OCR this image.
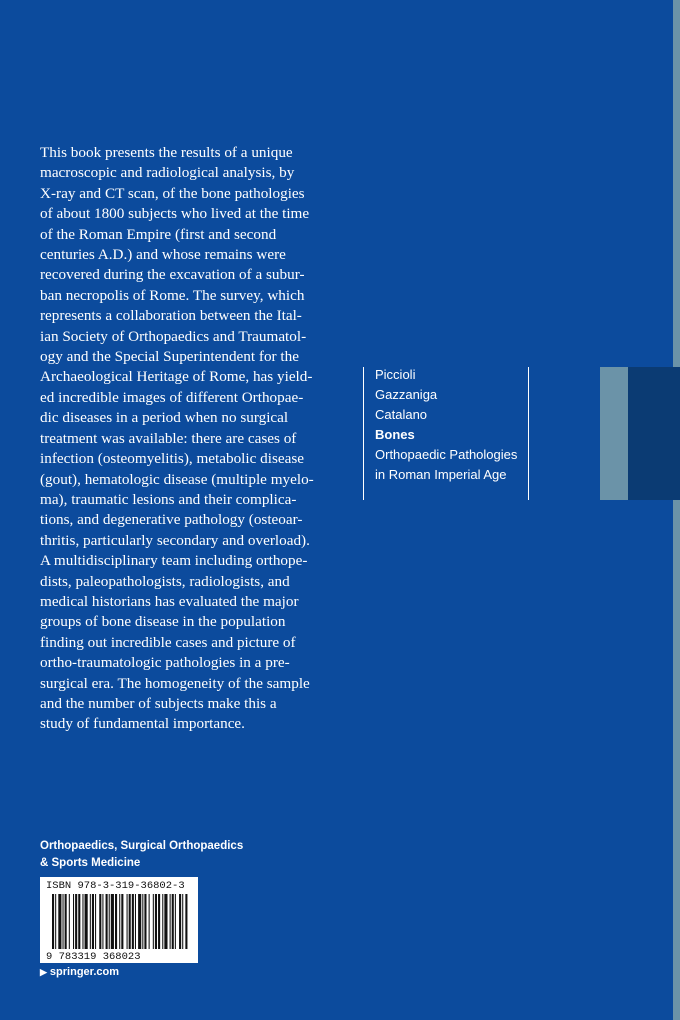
This book presents the results of a unique

macroscopic and radiological analysis, by

X-ray and CT scan, of the bone pathologies

of about 1800 subjects who lived at the time

of the Roman Empire (first and second

centuries A.D.) and whose remains were

recovered during the excavation of a subur-

ban necropolis of Rome. The survey, which

represents a collaboration between the Ital-

ian Society of Orthopaedics and Traumatol-

ogy and the Special Superintendent for the

Archaeological Heritage of Rome, has yield-

ed incredible images of different Orthopae-

dic diseases in a period when no surgical

treatment was available: there are cases of

infection (osteomyelitis), metabolic disease

(gout), hematologic disease (multiple myelo-

ma), traumatic lesions and their complica-

tions, and degenerative pathology (osteoar-

thritis, particularly secondary and overload).

A multidisciplinary team including orthope-

dists, paleopathologists, radiologists, and

medical historians has evaluated the major

groups of bone disease in the population

finding out incredible cases and picture of

ortho-traumatologic pathologies in a pre-

surgical era. The homogeneity of the sample

and the number of subjects make this a

study of fundamental importance.

Piccioli
Gazzaniga
Catalano
Bones
Orthopaedic Pathologies
in Roman Imperial Age
Orthopaedics, Surgical Orthopaedics
& Sports Medicine
ISBN 978-3-319-36802-3
9 783319 368023
▶ springer.com
